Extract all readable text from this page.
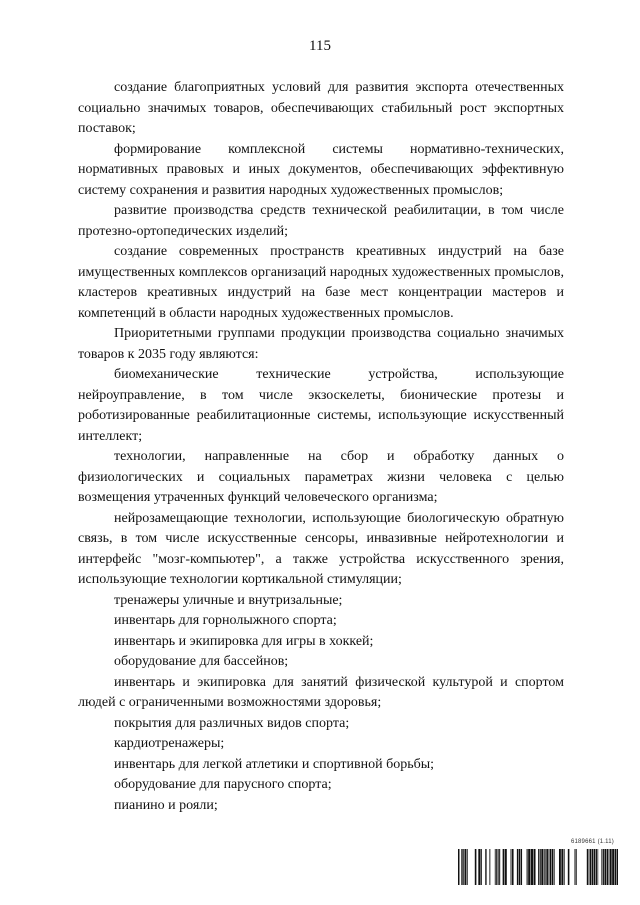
115

создание благоприятных условий для развития экспорта отечественных социально значимых товаров, обеспечивающих стабильный рост экспортных поставок;

формирование комплексной системы нормативно-технических, нормативных правовых и иных документов, обеспечивающих эффективную систему сохранения и развития народных художественных промыслов;

развитие производства средств технической реабилитации, в том числе протезно-ортопедических изделий;

создание современных пространств креативных индустрий на базе имущественных комплексов организаций народных художественных промыслов, кластеров креативных индустрий на базе мест концентрации мастеров и компетенций в области народных художественных промыслов.

Приоритетными группами продукции производства социально значимых товаров к 2035 году являются:

биомеханические технические устройства, использующие нейроуправление, в том числе экзоскелеты, бионические протезы и роботизированные реабилитационные системы, использующие искусственный интеллект;

технологии, направленные на сбор и обработку данных о физиологических и социальных параметрах жизни человека с целью возмещения утраченных функций человеческого организма;

нейрозамещающие технологии, использующие биологическую обратную связь, в том числе искусственные сенсоры, инвазивные нейротехнологии и интерфейс "мозг-компьютер", а также устройства искусственного зрения, использующие технологии кортикальной стимуляции;

тренажеры уличные и внутризальные;

инвентарь для горнолыжного спорта;

инвентарь и экипировка для игры в хоккей;

оборудование для бассейнов;

инвентарь и экипировка для занятий физической культурой и спортом людей с ограниченными возможностями здоровья;

покрытия для различных видов спорта;

кардиотренажеры;

инвентарь для легкой атлетики и спортивной борьбы;

оборудование для парусного спорта;

пианино и рояли;

6189661 (1.11)
